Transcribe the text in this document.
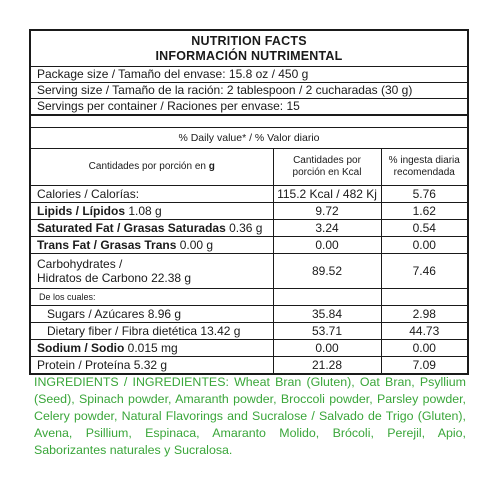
NUTRITION FACTS
INFORMACIÓN NUTRIMENTAL
Package size / Tamaño del envase: 15.8 oz / 450 g
Serving size / Tamaño de la ración: 2 tablespoon / 2 cucharadas (30 g)
Servings per container / Raciones per envase: 15
% Daily value* / % Valor diario
Cantidades por porción en g	Cantidades por porción en Kcal	% ingesta diaria recomendada
Calories / Calorías:	115.2 Kcal / 482 Kj	5.76
Lipids / Lípidos 1.08 g	9.72	1.62
Saturated Fat / Grasas Saturadas 0.36 g	3.24	0.54
Trans Fat / Grasas Trans 0.00 g	0.00	0.00

Carbohydrates /
Hidratos de Carbono 22.38 g	89.52	7.46
De los cuales:		
Sugars / Azúcares 8.96 g	35.84	2.98
Dietary fiber / Fibra dietética 13.42 g	53.71	44.73
Sodium / Sodio 0.015 mg	0.00	0.00
Protein / Proteína 5.32 g	21.28	7.09
INGREDIENTS / INGREDIENTES: Wheat Bran (Gluten), Oat Bran, Psyllium (Seed), Spinach powder, Amaranth powder, Broccoli powder, Parsley powder, Celery powder, Natural Flavorings and Sucralose / Salvado de Trigo (Gluten), Avena, Psillium, Espinaca, Amaranto Molido, Brócoli, Perejil, Apio, Saborizantes naturales y Sucralosa.
